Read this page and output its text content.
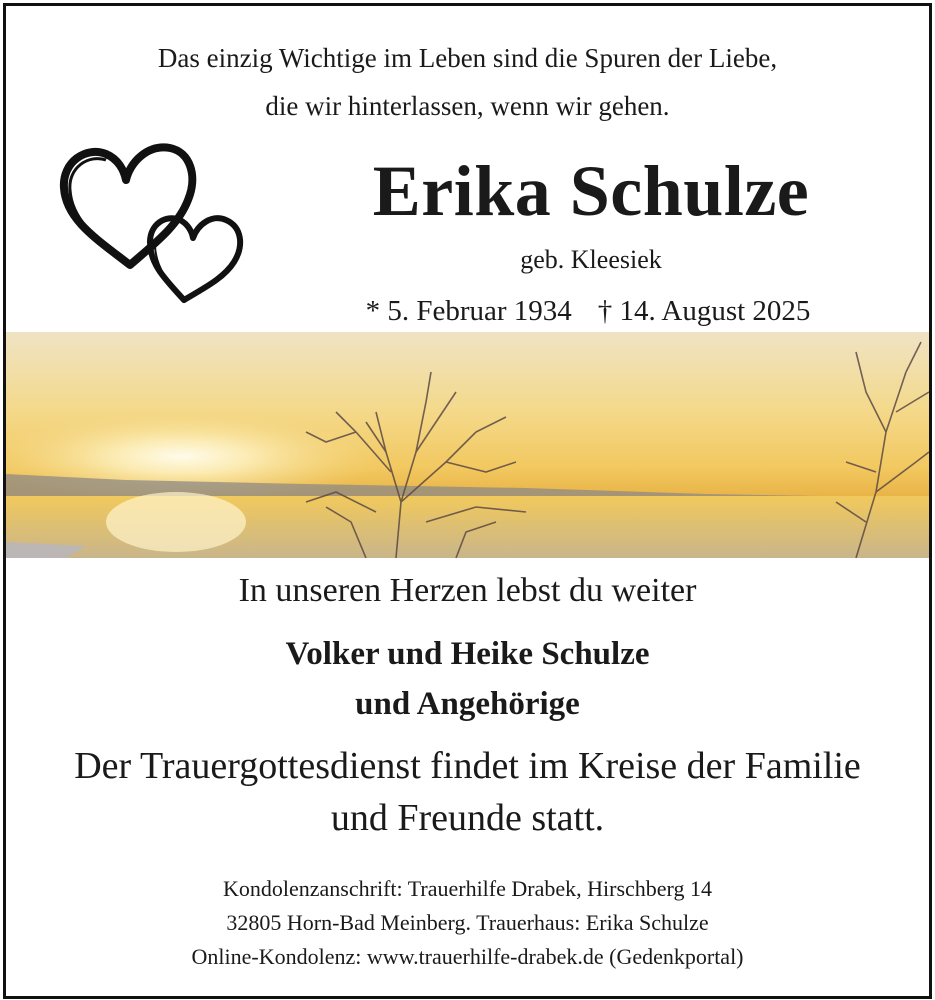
Das einzig Wichtige im Leben sind die Spuren der Liebe,
die wir hinterlassen, wenn wir gehen.
Erika Schulze
geb. Kleesiek
* 5. Februar 1934 † 14. August 2025
In unseren Herzen lebst du weiter
Volker und Heike Schulze
und Angehörige
Der Trauergottesdienst findet im Kreise der Familie
und Freunde statt.
Kondolenzanschrift: Trauerhilfe Drabek, Hirschberg 14
32805 Horn-Bad Meinberg. Trauerhaus: Erika Schulze
Online-Kondolenz: www.trauerhilfe-drabek.de (Gedenkportal)
